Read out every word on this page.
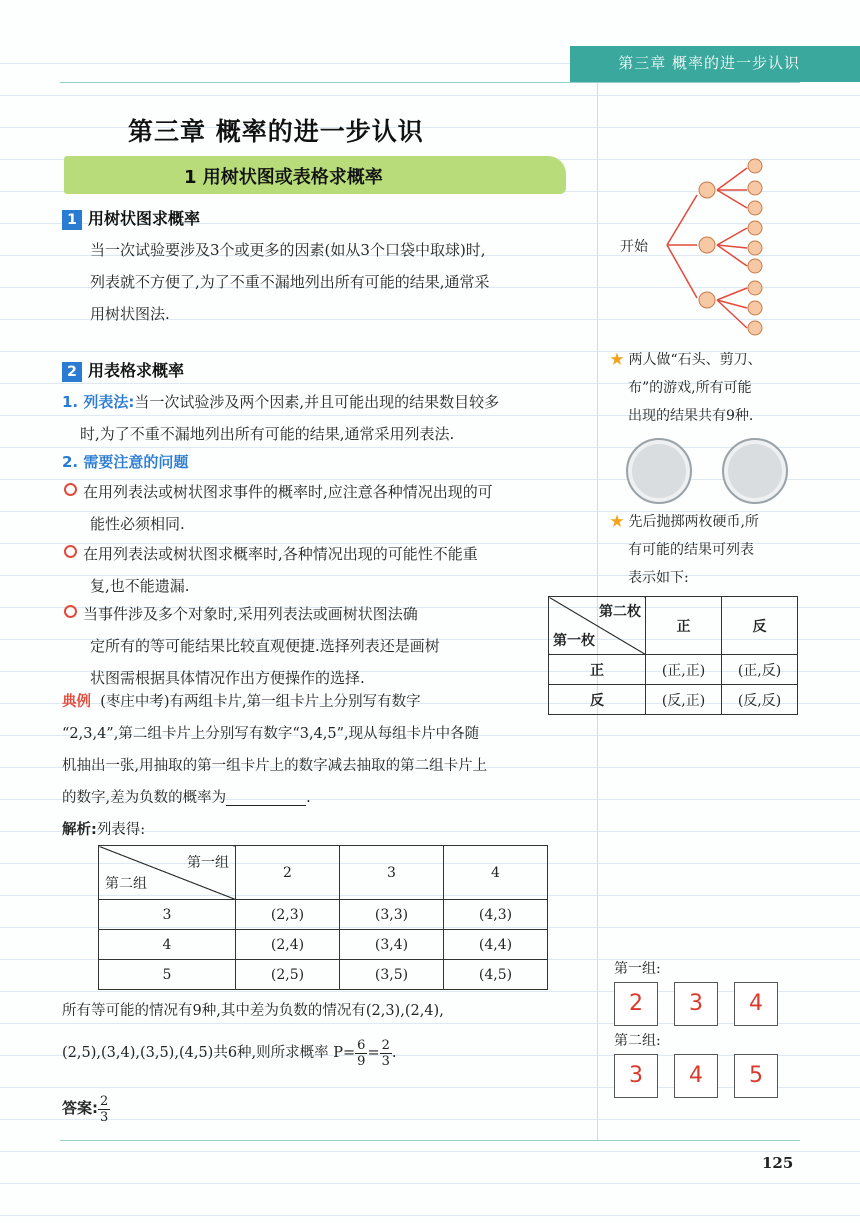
第三章 概率的进一步认识
第三章 概率的进一步认识
1 用树状图或表格求概率
1 用树状图求概率
当一次试验要涉及3个或更多的因素(如从3个口袋中取球)时,
列表就不方便了,为了不重不漏地列出所有可能的结果,通常采
用树状图法.
2 用表格求概率
1. 列表法:当一次试验涉及两个因素,并且可能出现的结果数目较多
时,为了不重不漏地列出所有可能的结果,通常采用列表法.
2. 需要注意的问题
在用列表法或树状图求事件的概率时,应注意各种情况出现的可
能性必须相同.
在用列表法或树状图求概率时,各种情况出现的可能性不能重
复,也不能遗漏.
当事件涉及多个对象时,采用列表法或画树状图法确
定所有的等可能结果比较直观便捷.选择列表还是画树
状图需根据具体情况作出方便操作的选择.
典例 (枣庄中考)有两组卡片,第一组卡片上分别写有数字
“2,3,4”,第二组卡片上分别写有数字“3,4,5”,现从每组卡片中各随
机抽出一张,用抽取的第一组卡片上的数字减去抽取的第二组卡片上
的数字,差为负数的概率为	.
解析:列表得:
第一组
第二组	2	3	4
3	(2,3)	(3,3)	(4,3)
4	(2,4)	(3,4)	(4,4)
5	(2,5)	(3,5)	(4,5)
所有等可能的情况有9种,其中差为负数的情况有(2,3),(2,4),
(2,5),(3,4),(3,5),(4,5)共6种,则所求概率 $P= \frac{6}{9} = \frac{2}{3}$ .
答案: $\frac{2}{3}$
开始
★ 两人做“石头、剪刀、
布”的游戏,所有可能
出现的结果共有9种.
★ 先后抛掷两枚硬币,所
有可能的结果可列表
表示如下:
第二枚
第一枚	正	反
正	(正,正)	(正,反)
反	(反,正)	(反,反)
第一组:
2	3	4
第二组:
3	4	5
125
